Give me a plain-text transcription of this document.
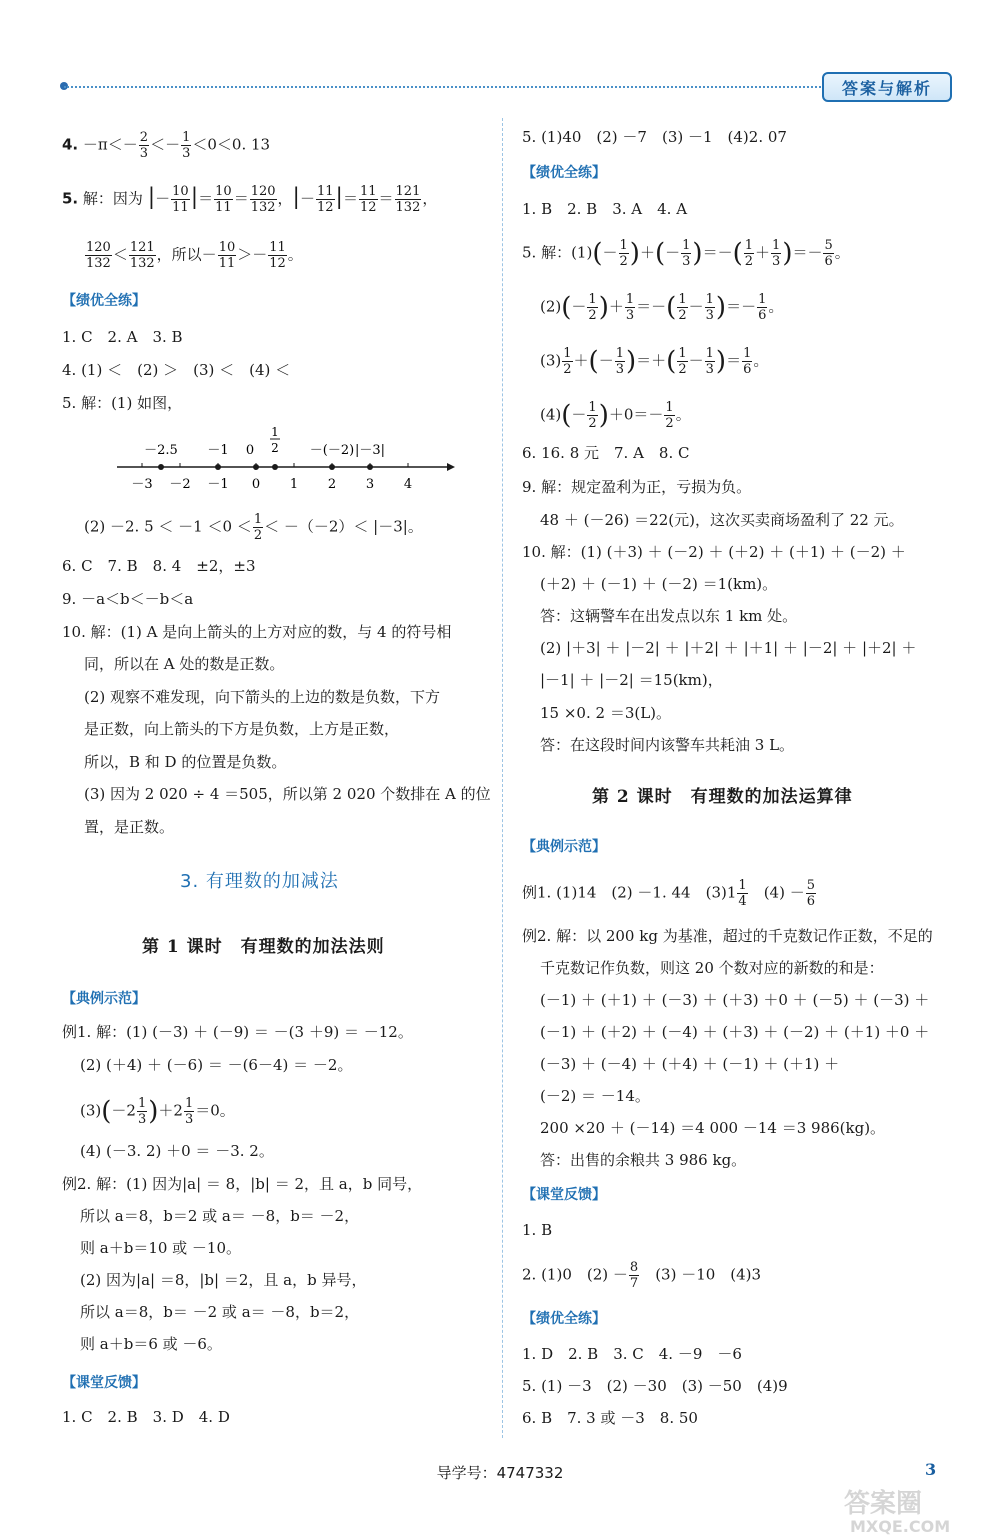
答案与解析
4. $-\pi<- \frac{2}{3} <- \frac{1}{3} <0<0$. 13
5. 解：因为 |－ $\frac{10}{11}$ |＝ $\frac{10}{11} = \frac{120}{132}$ ，|－ $\frac{11}{12}$ |＝ $\frac{11}{12} = \frac{121}{132}$ ，
$\frac{120}{132} < \frac{121}{132}$ ，所以－ $\frac{10}{11} >- \frac{11}{12}$ 。
【绩优全练】
1. C　2. A　3. B
4. (1) ＜　(2) ＞　(3) ＜　(4) ＜
5. 解：(1) 如图，
－3 －2 －1 0 1 2 3 4
－2.5 －1 0	－(－2) |－3|
1
2
(2) －2. $5 < -1 <0 < \frac{1}{2} < -(-2)< |-3|$。
6. C　7. B　8. 4　±2，±3
9. －a＜b＜－b＜a
10. 解：(1) A 是向上箭头的上方对应的数，与 4 的符号相
同，所以在 A 处的数是正数。
(2) 观察不难发现，向下箭头的上边的数是负数，下方
是正数，向上箭头的下方是负数，上方是正数，
所以，B 和 D 的位置是负数。
(3) 因为 2 020 ÷ 4 ＝505，所以第 2 020 个数排在 A 的位
置，是正数。
3. 有理数的加减法
第 1 课时　有理数的加法法则
【典例示范】
例1. 解：(1) (－3) ＋ (－9) ＝ －(3 ＋9) ＝ －12。
(2) (＋4) ＋ (－6) ＝ －(6－4) ＝ －2。
$(3)(-2 \frac{1}{3} )+2 \frac{1}{3} =0$。
(4) (－3. 2) ＋0 ＝ －3. 2。
例2. 解：(1) 因为|a| ＝ 8，|b| ＝ 2，且 a，b 同号，
所以 a＝8，b＝2 或 a＝ －8，b＝ －2，
则 a＋b＝10 或 －10。
(2) 因为|a| ＝8，|b| ＝2，且 a，b 异号，
所以 a＝8，b＝ －2 或 a＝ －8，b＝2，
则 a＋b＝6 或 －6。
【课堂反馈】
1. C　2. B　3. D　4. D
5. (1)40　(2) －7　(3) －1　(4)2. 07
【绩优全练】
1. B　2. B　3. A　4. A
5. 解：$(1)(- \frac{1}{2}$ )＋(－ $\frac{1}{3}$ )＝－( $\frac{1}{2} + \frac{1}{3}$ )＝－ $\frac{5}{6}$ 。
$(2)(- \frac{1}{2}$ )＋ $\frac{1}{3}$ ＝－( $\frac{1}{2} - \frac{1}{3}$ )＝－ $\frac{1}{6}$ 。
$(3) \frac{1}{2}$ ＋(－ $\frac{1}{3}$ )＝＋( $\frac{1}{2} - \frac{1}{3}$ )＝ $\frac{1}{6}$ 。
$(4)(- \frac{1}{2} )+0=- \frac{1}{2}$ 。
6. 16. 8 元　7. A　8. C
9. 解：规定盈利为正，亏损为负。
48 ＋ (－26) ＝22(元)，这次买卖商场盈利了 22 元。
10. 解：(1) (＋3) ＋ (－2) ＋ (＋2) ＋ (＋1) ＋ (－2) ＋
(＋2) ＋ (－1) ＋ (－2) ＝1(km)。
答：这辆警车在出发点以东 1 km 处。
(2) |＋3| ＋ |－2| ＋ |＋2| ＋ |＋1| ＋ |－2| ＋ |＋2| ＋
|－1| ＋ |－2| ＝15(km)，
15 ×0. 2 ＝3(L)。
答：在这段时间内该警车共耗油 3 L。
第 2 课时　有理数的加法运算律
【典例示范】
例1. (1)14　(2) －1. 44　$(3)1 \frac{1}{4}$
　 $(4) - \frac{5}{6}$
例2. 解：以 200 kg 为基准，超过的千克数记作正数，不足的
千克数记作负数，则这 20 个数对应的新数的和是：
(－1) ＋ (＋1) ＋ (－3) ＋ (＋3) ＋0 ＋ (－5) ＋ (－3) ＋
(－1) ＋ (＋2) ＋ (－4) ＋ (＋3) ＋ (－2) ＋ (＋1) ＋0 ＋
(－3) ＋ (－4) ＋ (＋4) ＋ (－1) ＋ (＋1) ＋
(－2) ＝ －14。
200 ×20 ＋ (－14) ＝4 000 －14 ＝3 986(kg)。
答：出售的余粮共 3 986 kg。
【课堂反馈】
1. B
2. (1)0　$(2) - \frac{8}{7}$
　 (3) －10　(4)3
【绩优全练】
1. D　2. B　3. C　4. －9　－6
5. (1) －3　(2) －30　(3) －50　(4)9
6. B　7. 3 或 －3　8. 50
导学号：4747332	3
答案圈
MXQE.COM
